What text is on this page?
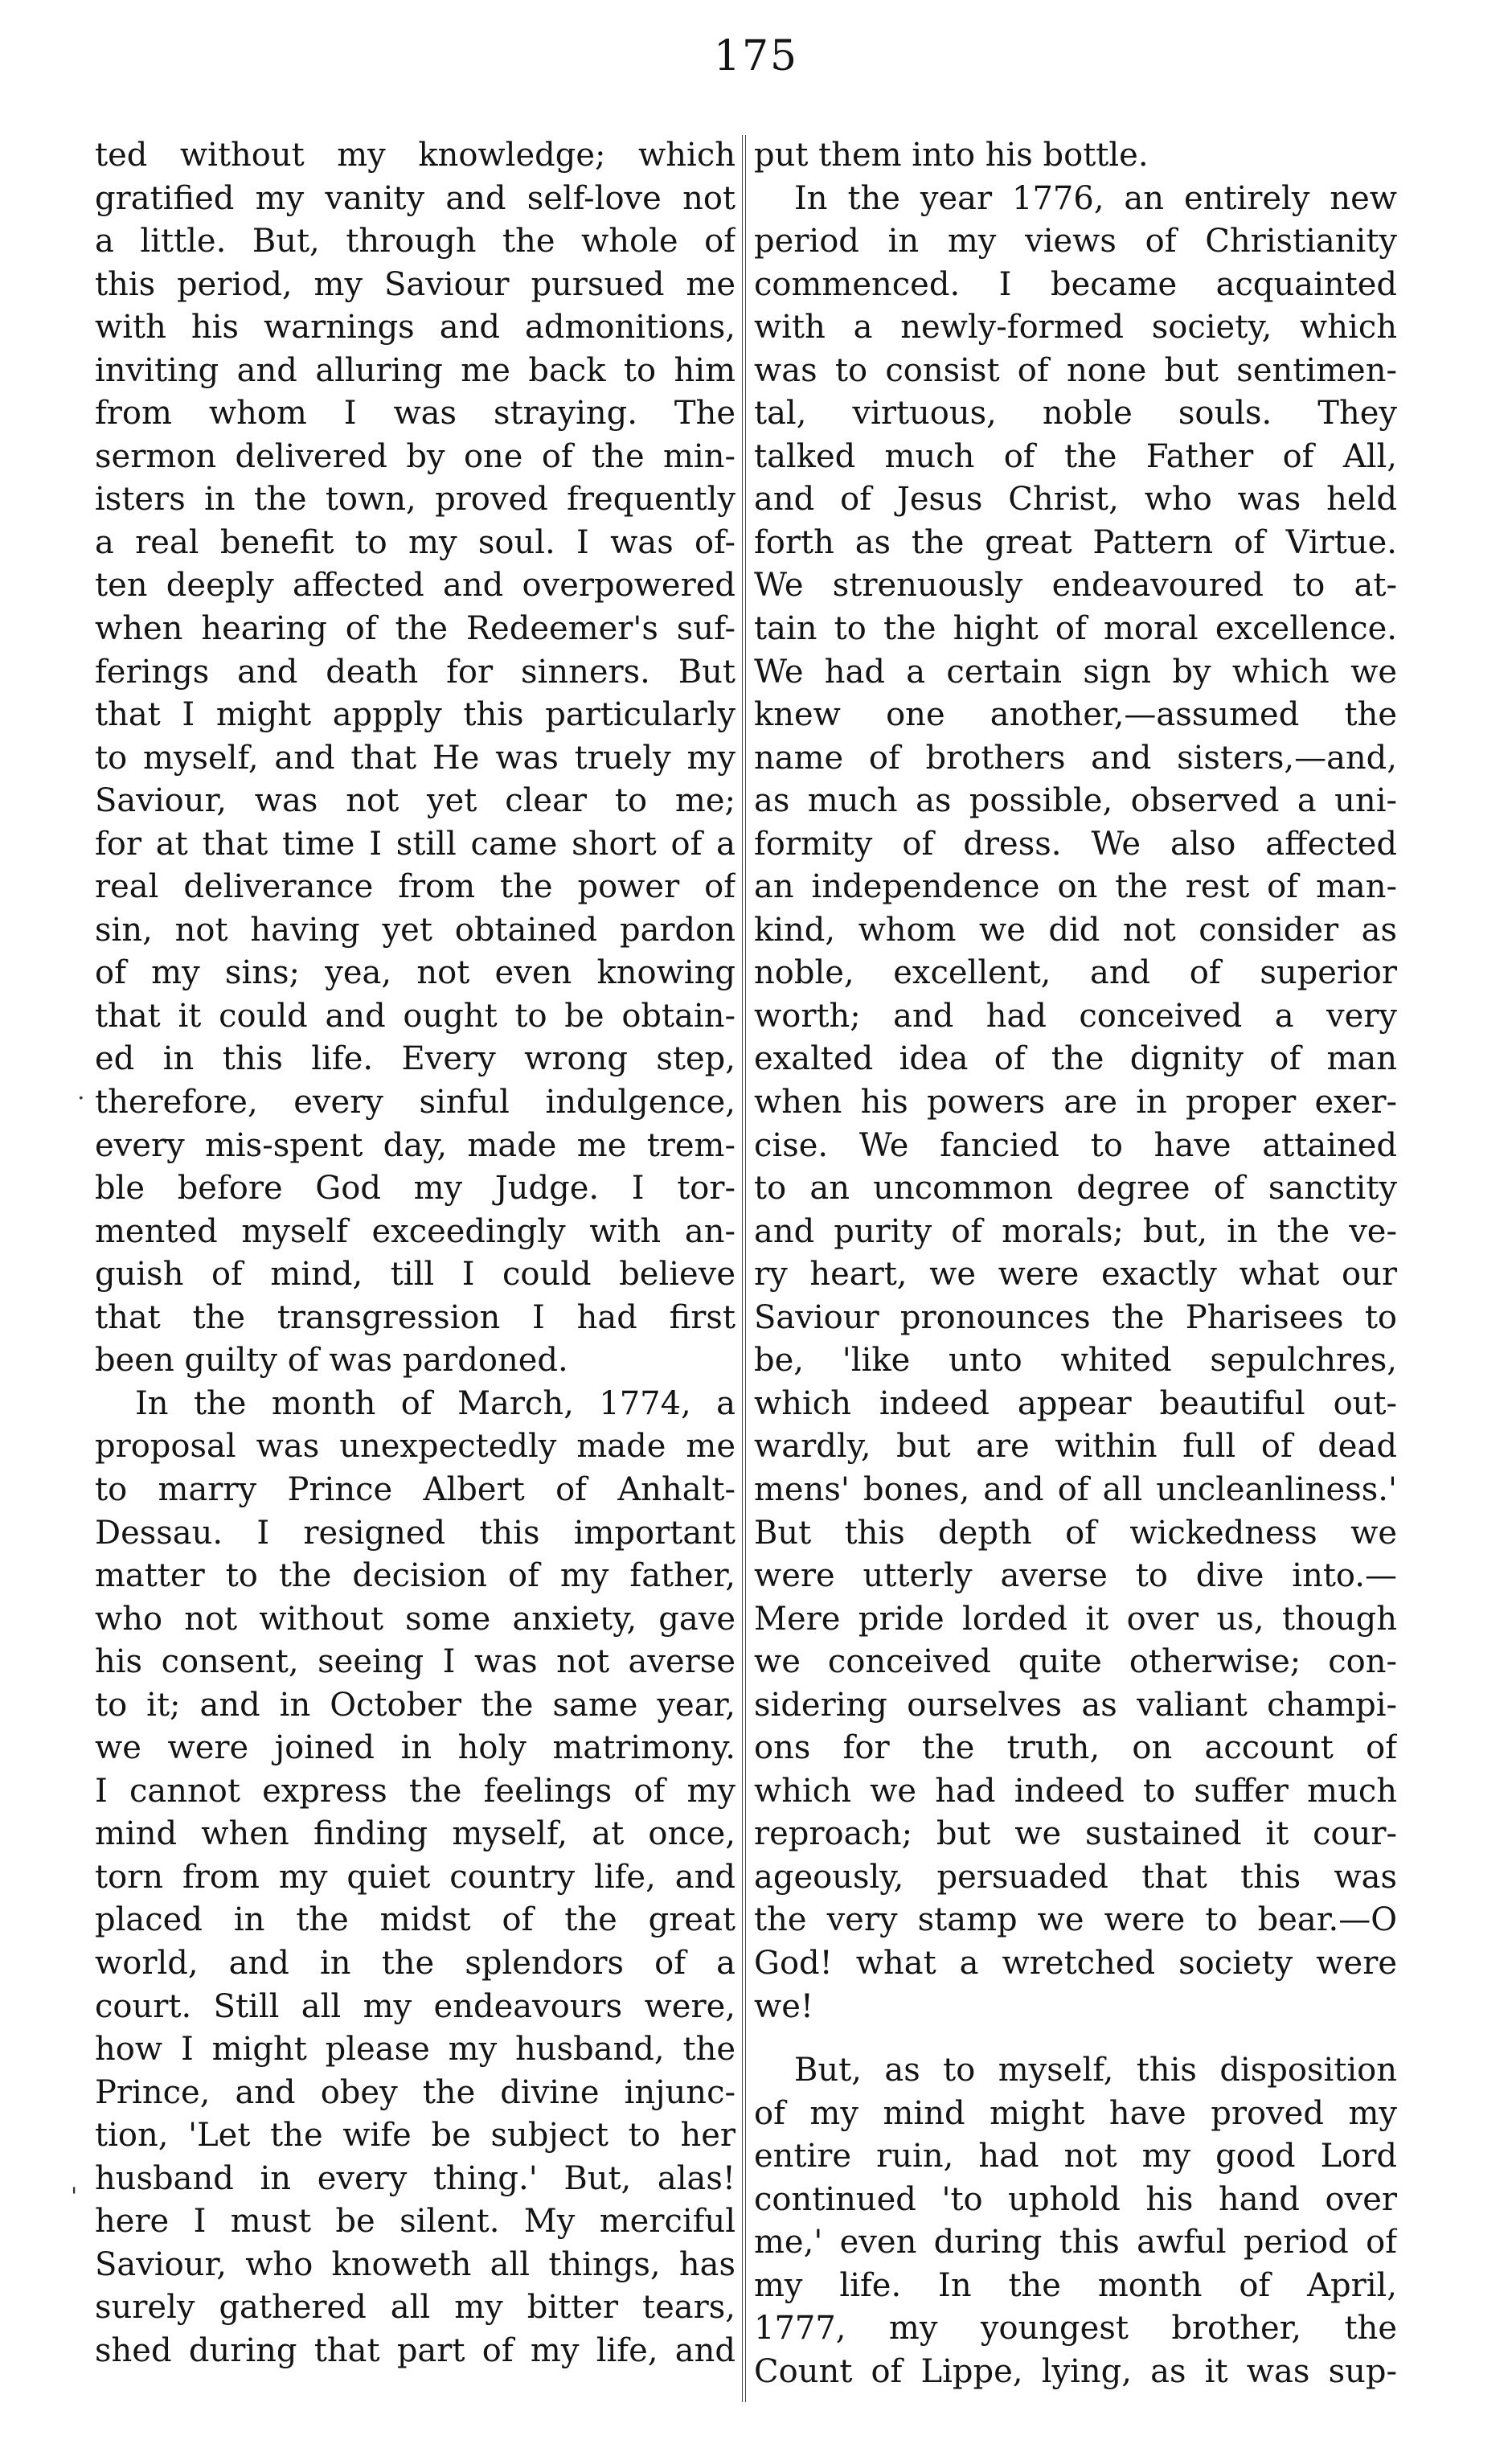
175
.
'
ted without my knowledge; which
gratified my vanity and self-love not
a little. But, through the whole of
this period, my Saviour pursued me
with his warnings and admonitions,
inviting and alluring me back to him
from whom I was straying. The
sermon delivered by one of the min-
isters in the town, proved frequently
a real benefit to my soul. I was of-
ten deeply affected and overpowered
when hearing of the Redeemer's suf-
ferings and death for sinners. But
that I might appply this particularly
to myself, and that He was truely my
Saviour, was not yet clear to me;
for at that time I still came short of a
real deliverance from the power of
sin, not having yet obtained pardon
of my sins; yea, not even knowing
that it could and ought to be obtain-
ed in this life. Every wrong step,
therefore, every sinful indulgence,
every mis-spent day, made me trem-
ble before God my Judge. I tor-
mented myself exceedingly with an-
guish of mind, till I could believe
that the transgression I had first
been guilty of was pardoned.
In the month of March, 1774, a
proposal was unexpectedly made me
to marry Prince Albert of Anhalt-
Dessau. I resigned this important
matter to the decision of my father,
who not without some anxiety, gave
his consent, seeing I was not averse
to it; and in October the same year,
we were joined in holy matrimony.
I cannot express the feelings of my
mind when finding myself, at once,
torn from my quiet country life, and
placed in the midst of the great
world, and in the splendors of a
court. Still all my endeavours were,
how I might please my husband, the
Prince, and obey the divine injunc-
tion, 'Let the wife be subject to her
husband in every thing.' But, alas!
here I must be silent. My merciful
Saviour, who knoweth all things, has
surely gathered all my bitter tears,
shed during that part of my life, and
put them into his bottle.
In the year 1776, an entirely new
period in my views of Christianity
commenced. I became acquainted
with a newly-formed society, which
was to consist of none but sentimen-
tal, virtuous, noble souls. They
talked much of the Father of All,
and of Jesus Christ, who was held
forth as the great Pattern of Virtue.
We strenuously endeavoured to at-
tain to the hight of moral excellence.
We had a certain sign by which we
knew one another,—assumed the
name of brothers and sisters,—and,
as much as possible, observed a uni-
formity of dress. We also affected
an independence on the rest of man-
kind, whom we did not consider as
noble, excellent, and of superior
worth; and had conceived a very
exalted idea of the dignity of man
when his powers are in proper exer-
cise. We fancied to have attained
to an uncommon degree of sanctity
and purity of morals; but, in the ve-
ry heart, we were exactly what our
Saviour pronounces the Pharisees to
be, 'like unto whited sepulchres,
which indeed appear beautiful out-
wardly, but are within full of dead
mens' bones, and of all uncleanliness.'
But this depth of wickedness we
were utterly averse to dive into.—
Mere pride lorded it over us, though
we conceived quite otherwise; con-
sidering ourselves as valiant champi-
ons for the truth, on account of
which we had indeed to suffer much
reproach; but we sustained it cour-
ageously, persuaded that this was
the very stamp we were to bear.—O
God! what a wretched society were
we!
But, as to myself, this disposition
of my mind might have proved my
entire ruin, had not my good Lord
continued 'to uphold his hand over
me,' even during this awful period of
my life. In the month of April,
1777, my youngest brother, the
Count of Lippe, lying, as it was sup-
